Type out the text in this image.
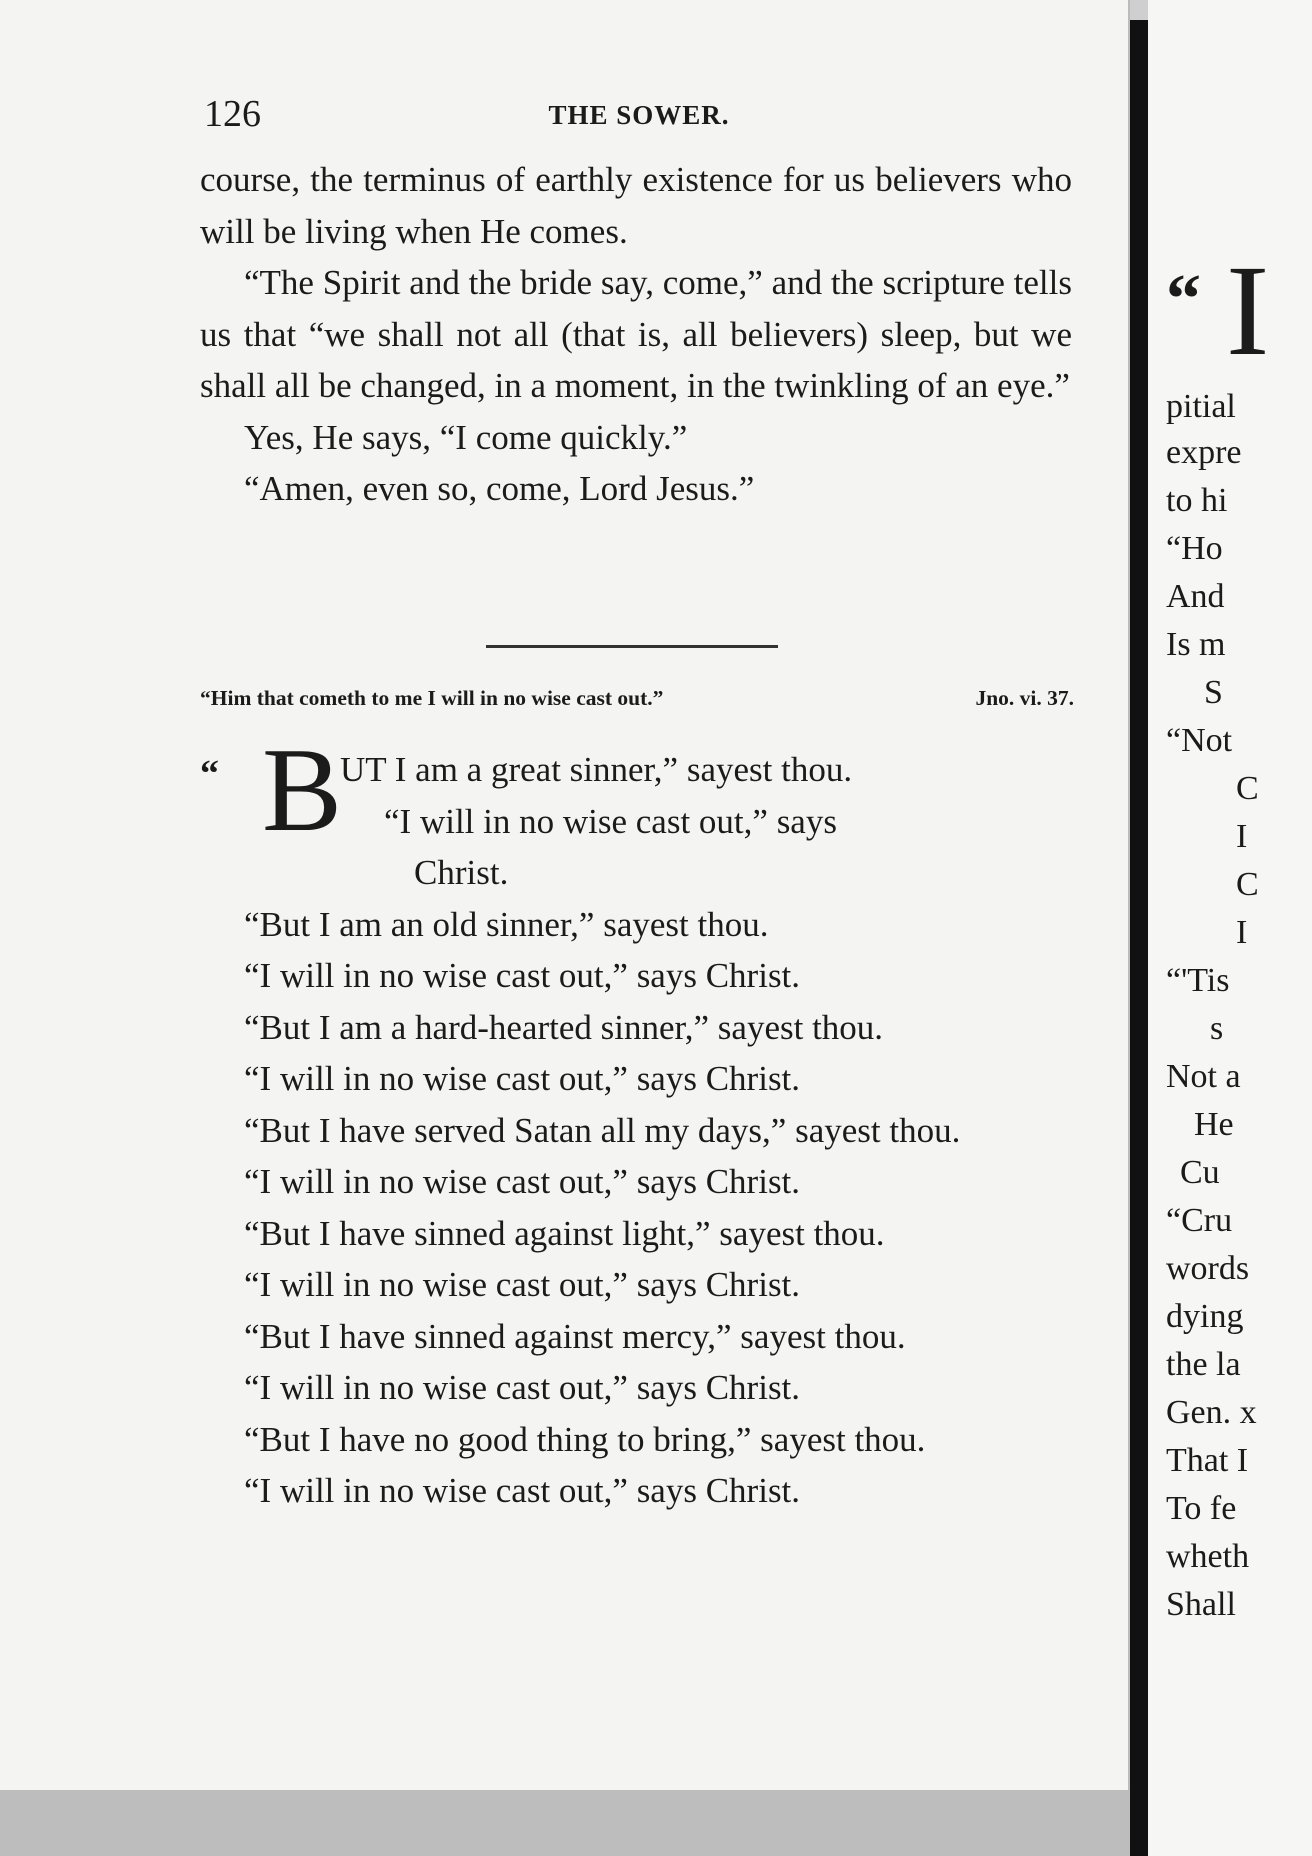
126	THE SOWER.

course, the terminus of earthly existence for us believers who will be living when He comes.

“The Spirit and the bride say, come,” and the scripture tells us that “we shall not all (that is, all believers) sleep, but we shall all be changed, in a moment, in the twinkling of an eye.”

Yes, He says, “I come quickly.”

“Amen, even so, come, Lord Jesus.”

“Him that cometh to me I will in no wise cast out.”	Jno. vi. 37.
“ B

UT I am a great sinner,” sayest thou.

“I will in no wise cast out,” says

Christ.

“But I am an old sinner,” sayest thou.

“I will in no wise cast out,” says Christ.

“But I am a hard-hearted sinner,” sayest thou.

“I will in no wise cast out,” says Christ.

“But I have served Satan all my days,” sayest thou.

“I will in no wise cast out,” says Christ.

“But I have sinned against light,” sayest thou.

“I will in no wise cast out,” says Christ.

“But I have sinned against mercy,” sayest thou.

“I will in no wise cast out,” says Christ.

“But I have no good thing to bring,” sayest thou.

“I will in no wise cast out,” says Christ.

“ I
pitial
expre
to hi
“Ho
And
Is m
S
“Not
C
I
C
I
“'Tis
s
Not a
He
Cu
“Cru
words
dying
the la
Gen. x
That I
To fe
wheth
Shall
